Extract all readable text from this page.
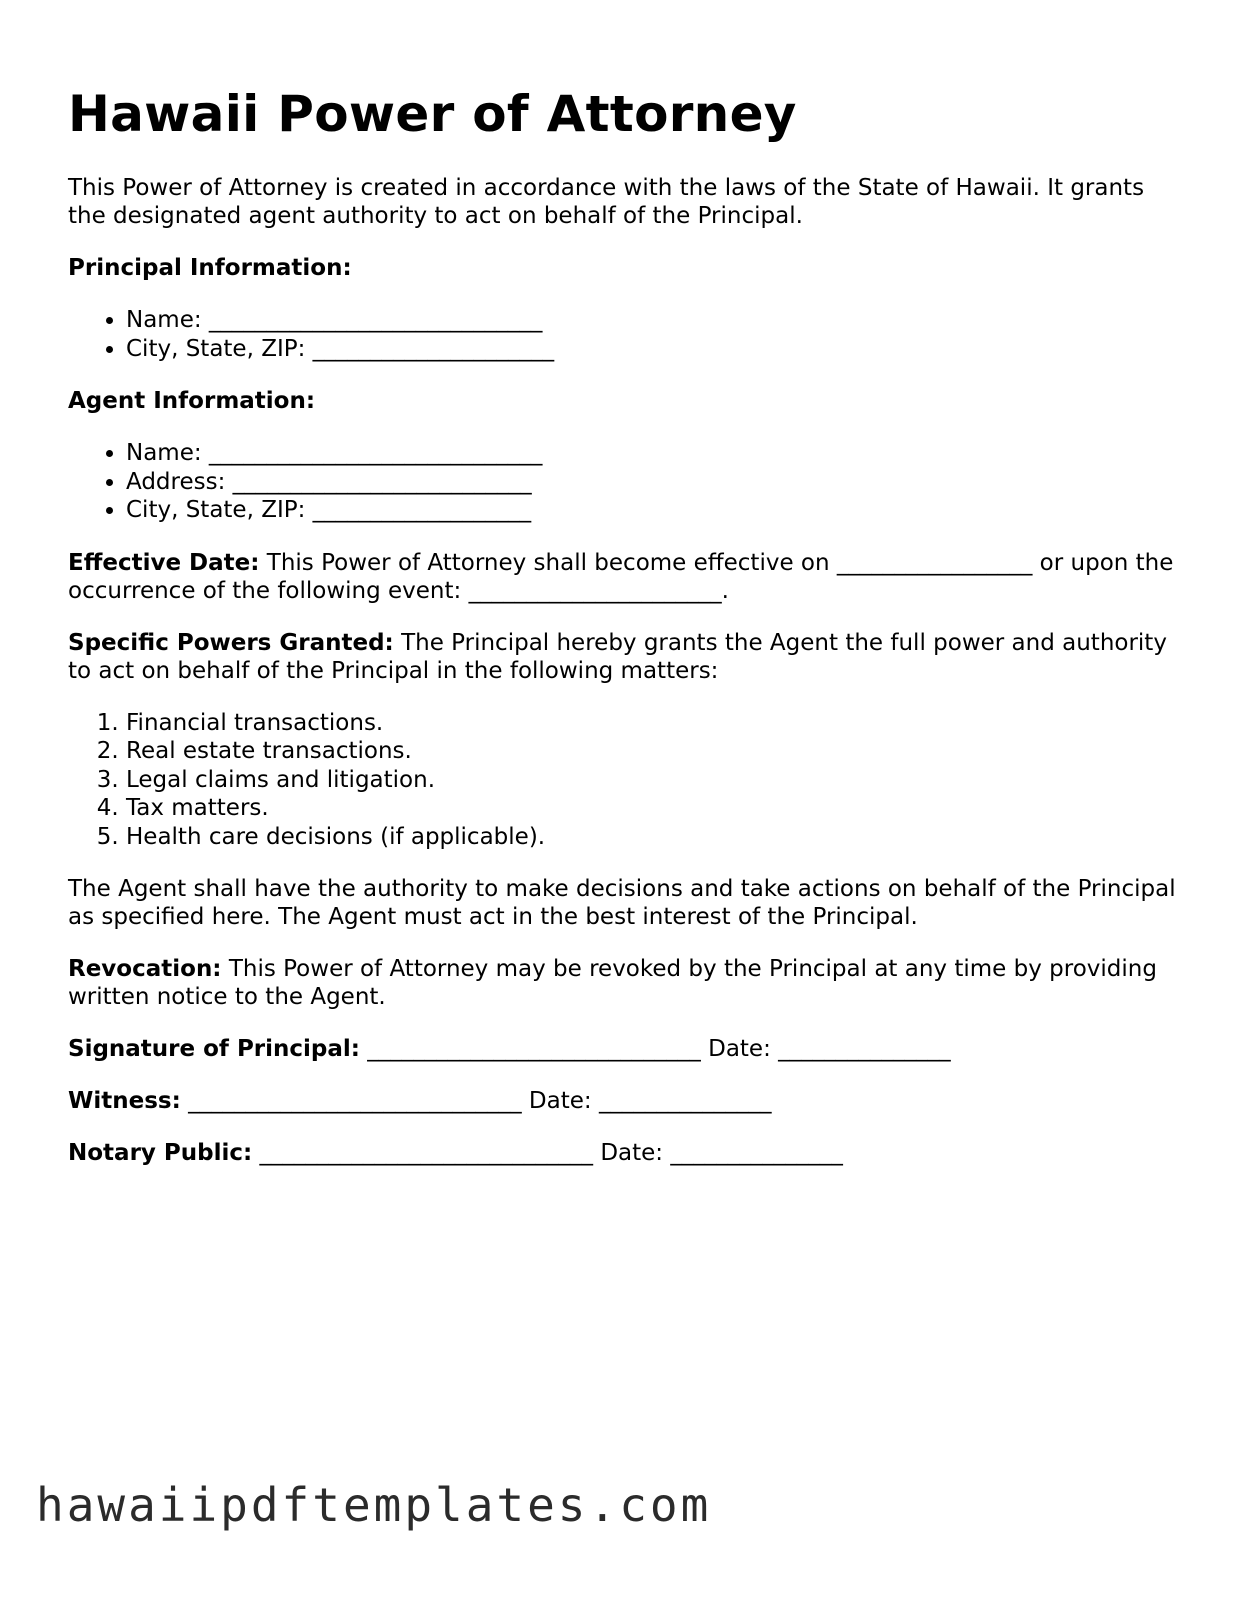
Hawaii Power of Attorney

This Power of Attorney is created in accordance with the laws of the State of Hawaii. It grants the designated agent authority to act on behalf of the Principal.

Principal Information:

• Name: _____________________________
• City, State, ZIP: _____________________

Agent Information:

• Name: _____________________________
• Address: __________________________
• City, State, ZIP: ___________________

Effective Date: This Power of Attorney shall become effective on _________________ or upon the occurrence of the following event: ______________________.

Specific Powers Granted: The Principal hereby grants the Agent the full power and authority to act on behalf of the Principal in the following matters:

1. Financial transactions.
2. Real estate transactions.
3. Legal claims and litigation.
4. Tax matters.
5. Health care decisions (if applicable).

The Agent shall have the authority to make decisions and take actions on behalf of the Principal as specified here. The Agent must act in the best interest of the Principal.

Revocation: This Power of Attorney may be revoked by the Principal at any time by providing written notice to the Agent.

Signature of Principal: _____________________________ Date: _______________

Witness: _____________________________ Date: _______________

Notary Public: _____________________________ Date: _______________

hawaiipdftemplates.com
